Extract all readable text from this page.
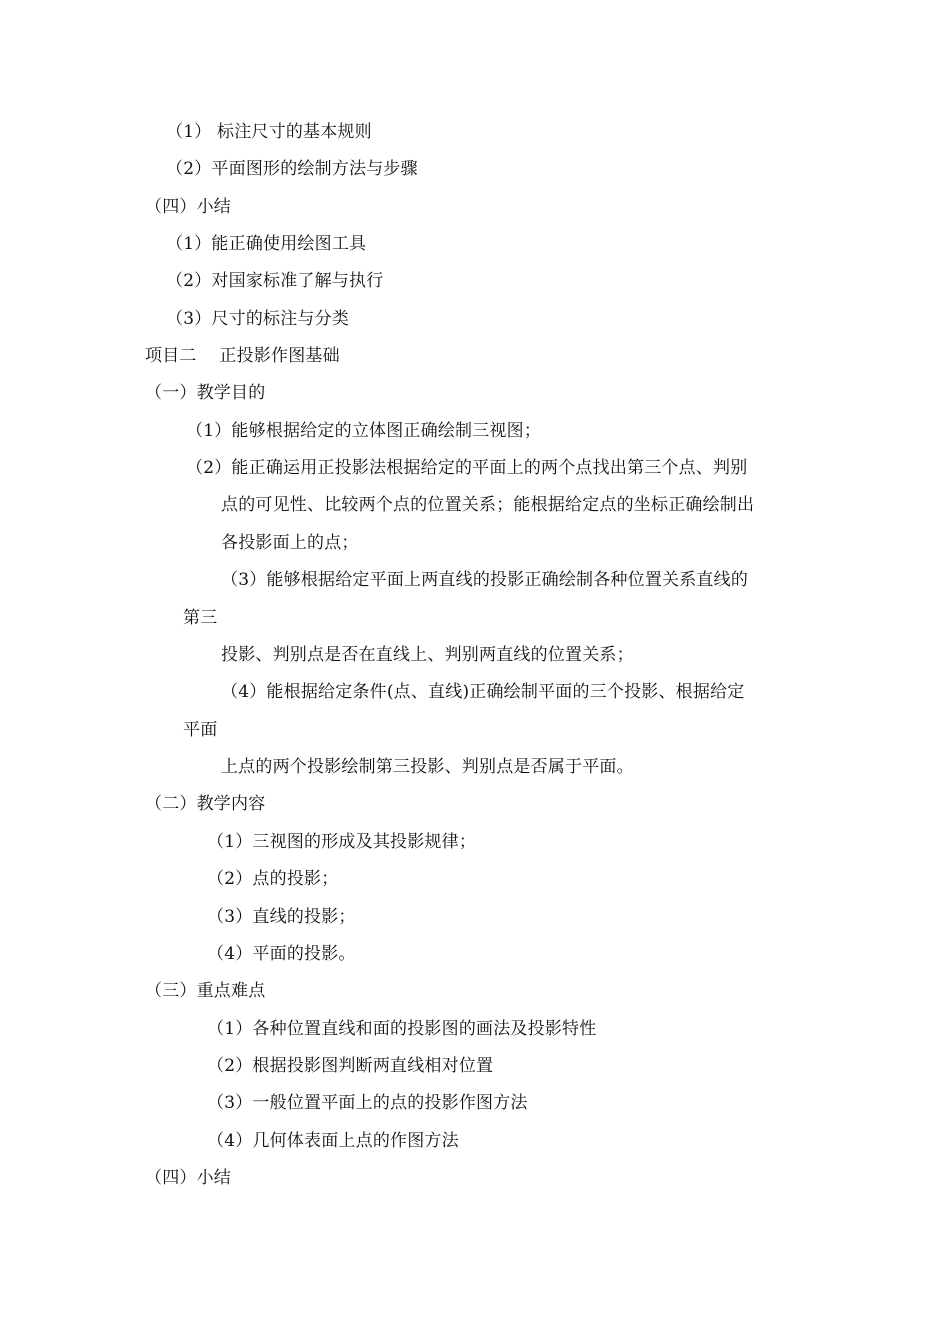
（1） 标注尺寸的基本规则
（2）平面图形的绘制方法与步骤
（四）小结
（1）能正确使用绘图工具
（2）对国家标准了解与执行
（3）尺寸的标注与分类
项目二　 正投影作图基础
（一）教学目的
（1）能够根据给定的立体图正确绘制三视图；
（2）能正确运用正投影法根据给定的平面上的两个点找出第三个点、判别
点的可见性、比较两个点的位置关系；能根据给定点的坐标正确绘制出
各投影面上的点；
（3）能够根据给定平面上两直线的投影正确绘制各种位置关系直线的
第三
投影、判别点是否在直线上、判别两直线的位置关系；
（4）能根据给定条件(点、直线)正确绘制平面的三个投影、根据给定
平面
上点的两个投影绘制第三投影、判别点是否属于平面。
（二）教学内容
（1）三视图的形成及其投影规律；
（2）点的投影；
（3）直线的投影；
（4）平面的投影。
（三）重点难点
（1）各种位置直线和面的投影图的画法及投影特性
（2）根据投影图判断两直线相对位置
（3）一般位置平面上的点的投影作图方法
（4）几何体表面上点的作图方法
（四）小结
